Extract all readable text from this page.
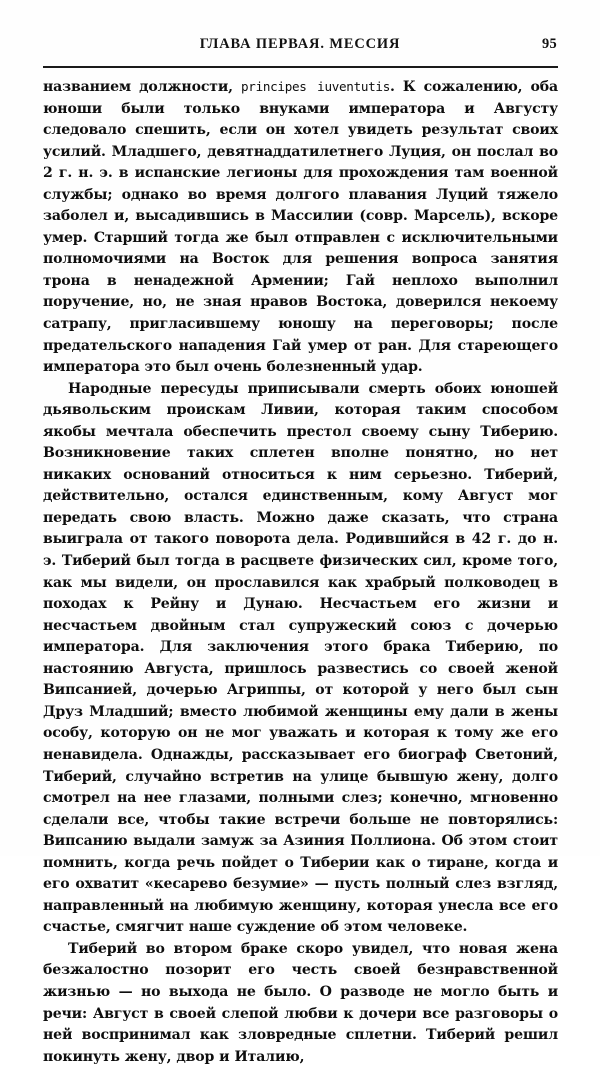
ГЛАВА ПЕРВАЯ. МЕССИЯ	95

названием должности, principes iuventutis. К сожалению, оба юноши были только внуками императора и Августу следовало спешить, если он хотел увидеть результат своих усилий. Младшего, девятнаддатилетнего Луция, он послал во 2 г. н. э. в испанские легионы для прохождения там военной службы; однако во время долгого плавания Луций тяжело заболел и, высадившись в Массилии (совр. Марсель), вскоре умер. Старший тогда же был отправлен с исключительными полномочиями на Восток для решения вопроса занятия трона в ненадежной Армении; Гай неплохо выполнил поручение, но, не зная нравов Востока, доверился некоему сатрапу, пригласившему юношу на переговоры; после предательского нападения Гай умер от ран. Для стареющего императора это был очень болезненный удар.

Народные пересуды приписывали смерть обоих юношей дьявольским проискам Ливии, которая таким способом якобы мечтала обеспечить престол своему сыну Тиберию. Возникновение таких сплетен вполне понятно, но нет никаких оснований относиться к ним серьезно. Тиберий, действительно, остался единственным, кому Август мог передать свою власть. Можно даже сказать, что страна выиграла от такого поворота дела. Родившийся в 42 г. до н. э. Тиберий был тогда в расцвете физических сил, кроме того, как мы видели, он прославился как храбрый полководец в походах к Рейну и Дунаю. Несчастьем его жизни и несчастьем двойным стал супружеский союз с дочерью императора. Для заключения этого брака Тиберию, по настоянию Августа, пришлось развестись со своей женой Випсанией, дочерью Агриппы, от которой у него был сын Друз Младший; вместо любимой женщины ему дали в жены особу, которую он не мог уважать и которая к тому же его ненавидела. Однажды, рассказывает его биограф Светоний, Тиберий, случайно встретив на улице бывшую жену, долго смотрел на нее глазами, полными слез; конечно, мгновенно сделали все, чтобы такие встречи больше не повторялись: Випсанию выдали замуж за Азиния Поллиона. Об этом стоит помнить, когда речь пойдет о Тиберии как о тиране, когда и его охватит «кесарево безумие» — пусть полный слез взгляд, направленный на любимую женщину, которая унесла все его счастье, смягчит наше суждение об этом человеке.

Тиберий во втором браке скоро увидел, что новая жена безжалостно позорит его честь своей безнравственной жизнью — но выхода не было. О разводе не могло быть и речи: Август в своей слепой любви к дочери все разговоры о ней воспринимал как зловредные сплетни. Тиберий решил покинуть жену, двор и Италию,
